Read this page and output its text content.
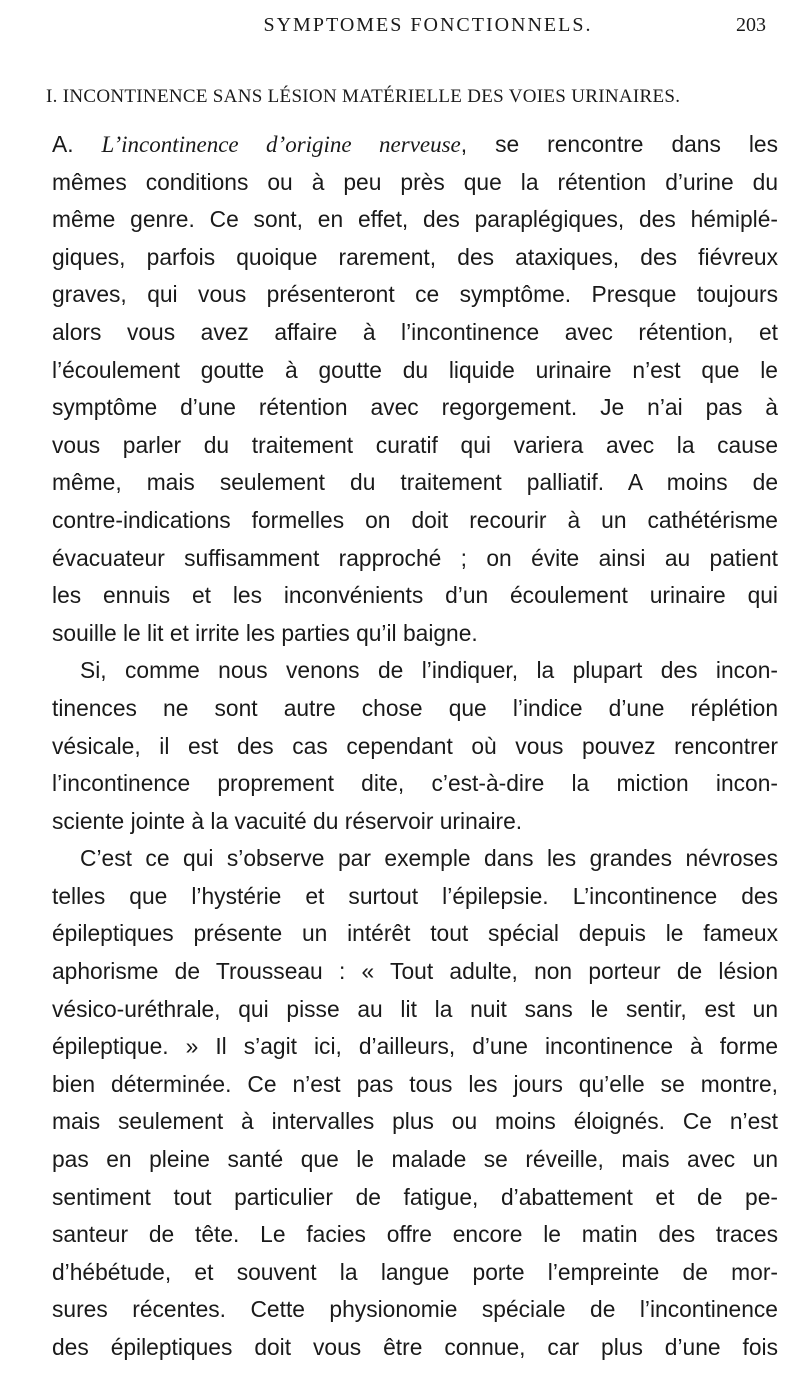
SYMPTOMES FONCTIONNELS.	203
I. INCONTINENCE SANS LÉSION MATÉRIELLE DES VOIES URINAIRES.
A. L’incontinence d’origine nerveuse, se rencontre dans les
mêmes conditions ou à peu près que la rétention d’urine du
même genre. Ce sont, en effet, des paraplégiques, des hémiplé-
giques, parfois quoique rarement, des ataxiques, des fiévreux
graves, qui vous présenteront ce symptôme. Presque toujours
alors vous avez affaire à l’incontinence avec rétention, et
l’écoulement goutte à goutte du liquide urinaire n’est que le
symptôme d’une rétention avec regorgement. Je n’ai pas à
vous parler du traitement curatif qui variera avec la cause
même, mais seulement du traitement palliatif. A moins de
contre-indications formelles on doit recourir à un cathétérisme
évacuateur suffisamment rapproché ; on évite ainsi au patient
les ennuis et les inconvénients d’un écoulement urinaire qui
souille le lit et irrite les parties qu’il baigne.
Si, comme nous venons de l’indiquer, la plupart des incon-
tinences ne sont autre chose que l’indice d’une réplétion
vésicale, il est des cas cependant où vous pouvez rencontrer
l’incontinence proprement dite, c’est-à-dire la miction incon-
sciente jointe à la vacuité du réservoir urinaire.
C’est ce qui s’observe par exemple dans les grandes névroses
telles que l’hystérie et surtout l’épilepsie. L’incontinence des
épileptiques présente un intérêt tout spécial depuis le fameux
aphorisme de Trousseau : « Tout adulte, non porteur de lésion
vésico-uréthrale, qui pisse au lit la nuit sans le sentir, est un
épileptique. » Il s’agit ici, d’ailleurs, d’une incontinence à forme
bien déterminée. Ce n’est pas tous les jours qu’elle se montre,
mais seulement à intervalles plus ou moins éloignés. Ce n’est
pas en pleine santé que le malade se réveille, mais avec un
sentiment tout particulier de fatigue, d’abattement et de pe-
santeur de tête. Le facies offre encore le matin des traces
d’hébétude, et souvent la langue porte l’empreinte de mor-
sures récentes. Cette physionomie spéciale de l’incontinence
des épileptiques doit vous être connue, car plus d’une fois
